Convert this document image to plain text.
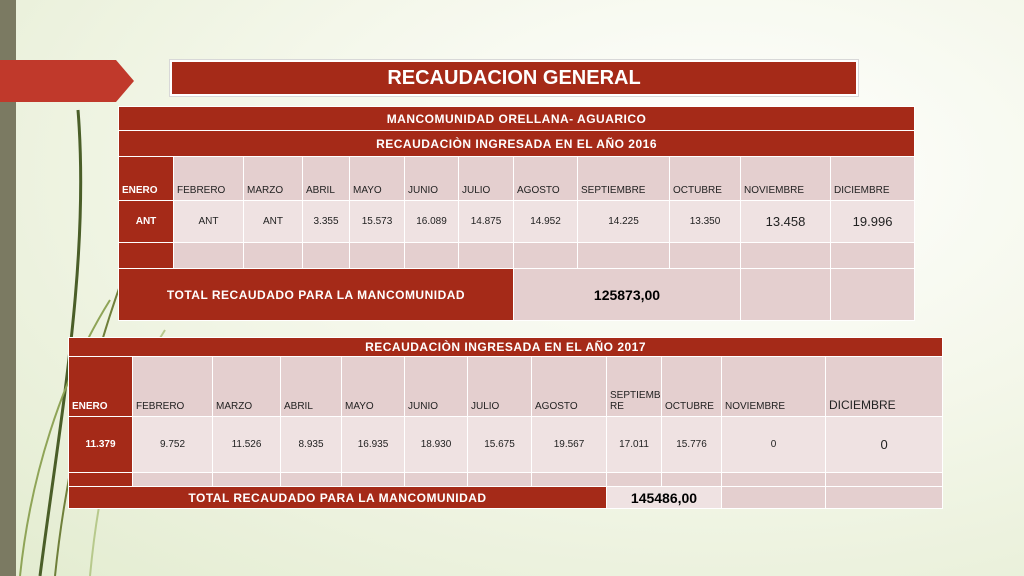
RECAUDACION GENERAL
MANCOMUNIDAD ORELLANA- AGUARICO											
RECAUDACIÒN INGRESADA EN EL AÑO 2016											
ENERO	FEBRERO	MARZO	ABRIL	MAYO	JUNIO	JULIO	AGOSTO	SEPTIEMBRE	OCTUBRE	NOVIEMBRE	DICIEMBRE
ANT	ANT	ANT	3.355	15.573	16.089	14.875	14.952	14.225	13.350	13.458	19.996

TOTAL RECAUDADO PARA LA MANCOMUNIDAD							125873,00				
RECAUDACIÒN INGRESADA EN EL AÑO 2017											
ENERO	FEBRERO	MARZO	ABRIL	MAYO	JUNIO	JULIO	AGOSTO	SEPTIEMB RE	OCTUBRE	NOVIEMBRE	DICIEMBRE
11.379	9.752	11.526	8.935	16.935	18.930	15.675	19.567	17.011	15.776	0	0

TOTAL RECAUDADO PARA LA MANCOMUNIDAD								145486,00			
